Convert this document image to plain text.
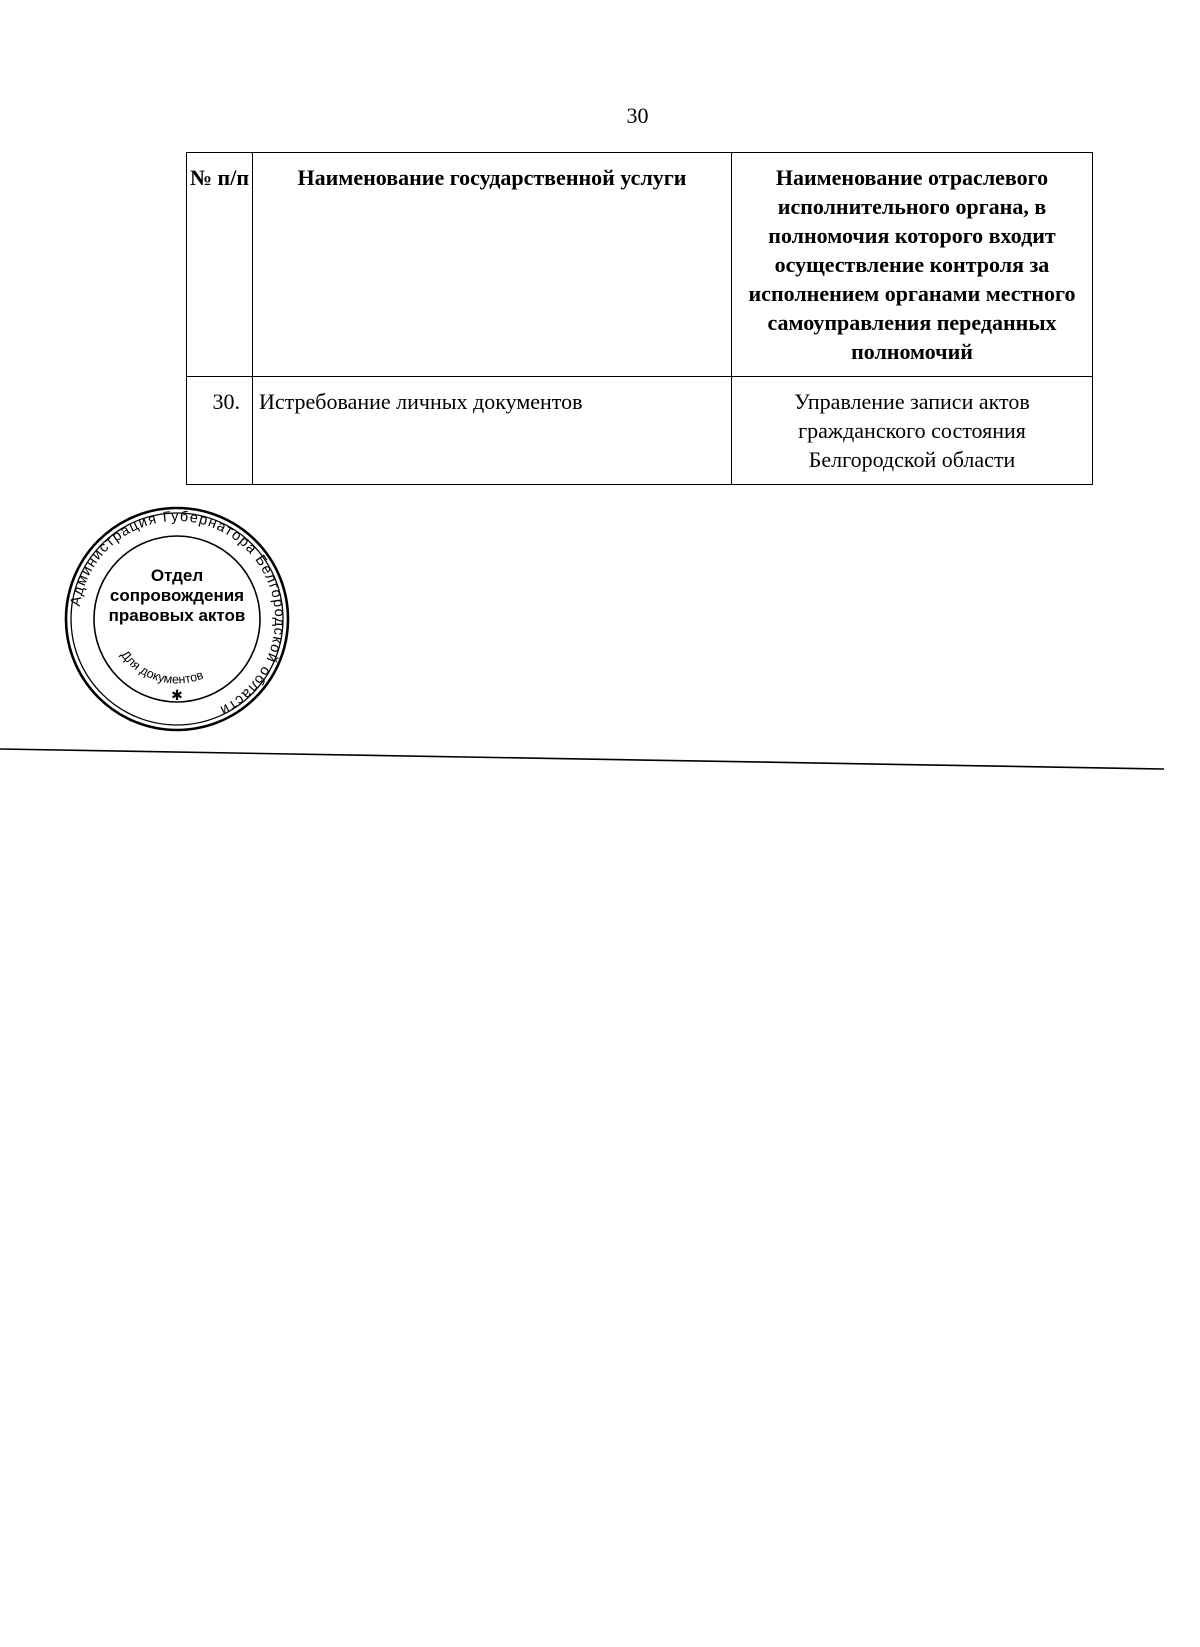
30
№ п/п	Наименование государственной услуги	Наименование отраслевого исполнительного органа, в полномочия которого входит осуществление контроля за исполнением органами местного самоуправления переданных полномочий
30.	Истребование личных документов	Управление записи актов гражданского состояния Белгородской области
Администрация Губернатора Белгородской области
Для документов
✱
Отдел сопровождения правовых актов
